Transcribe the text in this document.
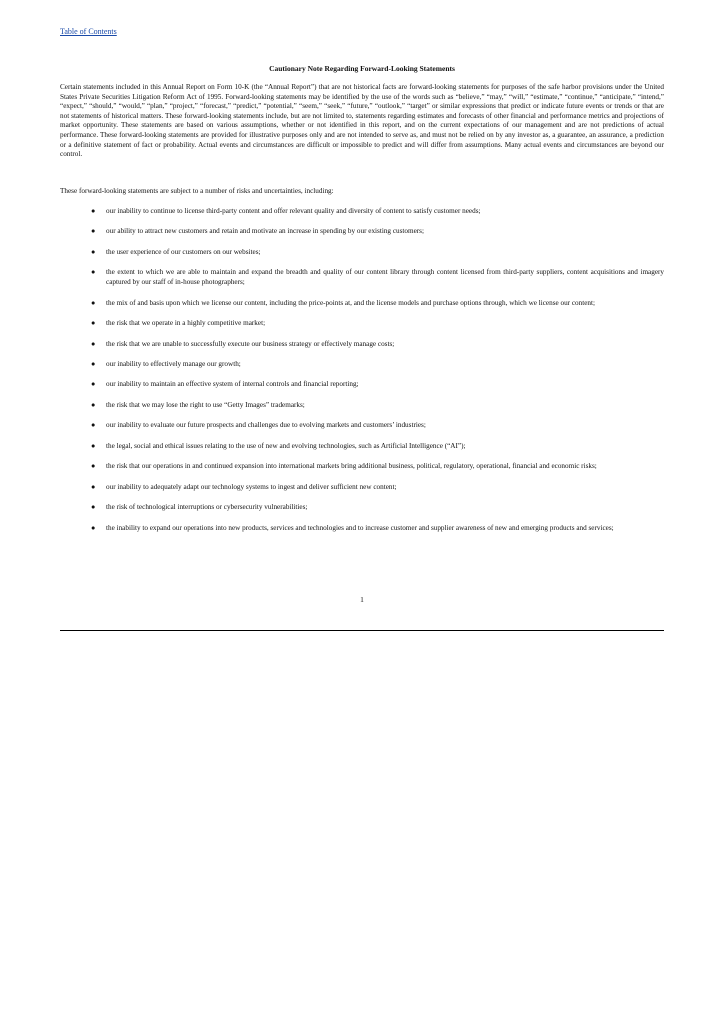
Table of Contents
Cautionary Note Regarding Forward-Looking Statements

Certain statements included in this Annual Report on Form 10-K (the “Annual Report”) that are not historical facts are forward-looking statements for purposes of the safe harbor provisions under the United States Private Securities Litigation Reform Act of 1995. Forward-looking statements may be identified by the use of the words such as “believe,” “may,” “will,” “estimate,” “continue,” “anticipate,” “intend,” “expect,” “should,” “would,” “plan,” “project,” “forecast,” “predict,” “potential,” “seem,” “seek,” “future,” “outlook,” “target” or similar expressions that predict or indicate future events or trends or that are not statements of historical matters. These forward-looking statements include, but are not limited to, statements regarding estimates and forecasts of other financial and performance metrics and projections of market opportunity. These statements are based on various assumptions, whether or not identified in this report, and on the current expectations of our management and are not predictions of actual performance. These forward-looking statements are provided for illustrative purposes only and are not intended to serve as, and must not be relied on by any investor as, a guarantee, an assurance, a prediction or a definitive statement of fact or probability. Actual events and circumstances are difficult or impossible to predict and will differ from assumptions. Many actual events and circumstances are beyond our control.

These forward-looking statements are subject to a number of risks and uncertainties, including:

● our inability to continue to license third-party content and offer relevant quality and diversity of content to satisfy customer needs;
● our ability to attract new customers and retain and motivate an increase in spending by our existing customers;
● the user experience of our customers on our websites;
● the extent to which we are able to maintain and expand the breadth and quality of our content library through content licensed from third-party suppliers, content acquisitions and imagery captured by our staff of in-house photographers;
● the mix of and basis upon which we license our content, including the price-points at, and the license models and purchase options through, which we license our content;
● the risk that we operate in a highly competitive market;
● the risk that we are unable to successfully execute our business strategy or effectively manage costs;
● our inability to effectively manage our growth;
● our inability to maintain an effective system of internal controls and financial reporting;
● the risk that we may lose the right to use “Getty Images” trademarks;
● our inability to evaluate our future prospects and challenges due to evolving markets and customers’ industries;
● the legal, social and ethical issues relating to the use of new and evolving technologies, such as Artificial Intelligence (“AI”);
● the risk that our operations in and continued expansion into international markets bring additional business, political, regulatory, operational, financial and economic risks;
● our inability to adequately adapt our technology systems to ingest and deliver sufficient new content;
● the risk of technological interruptions or cybersecurity vulnerabilities;
● the inability to expand our operations into new products, services and technologies and to increase customer and supplier awareness of new and emerging products and services;
1
